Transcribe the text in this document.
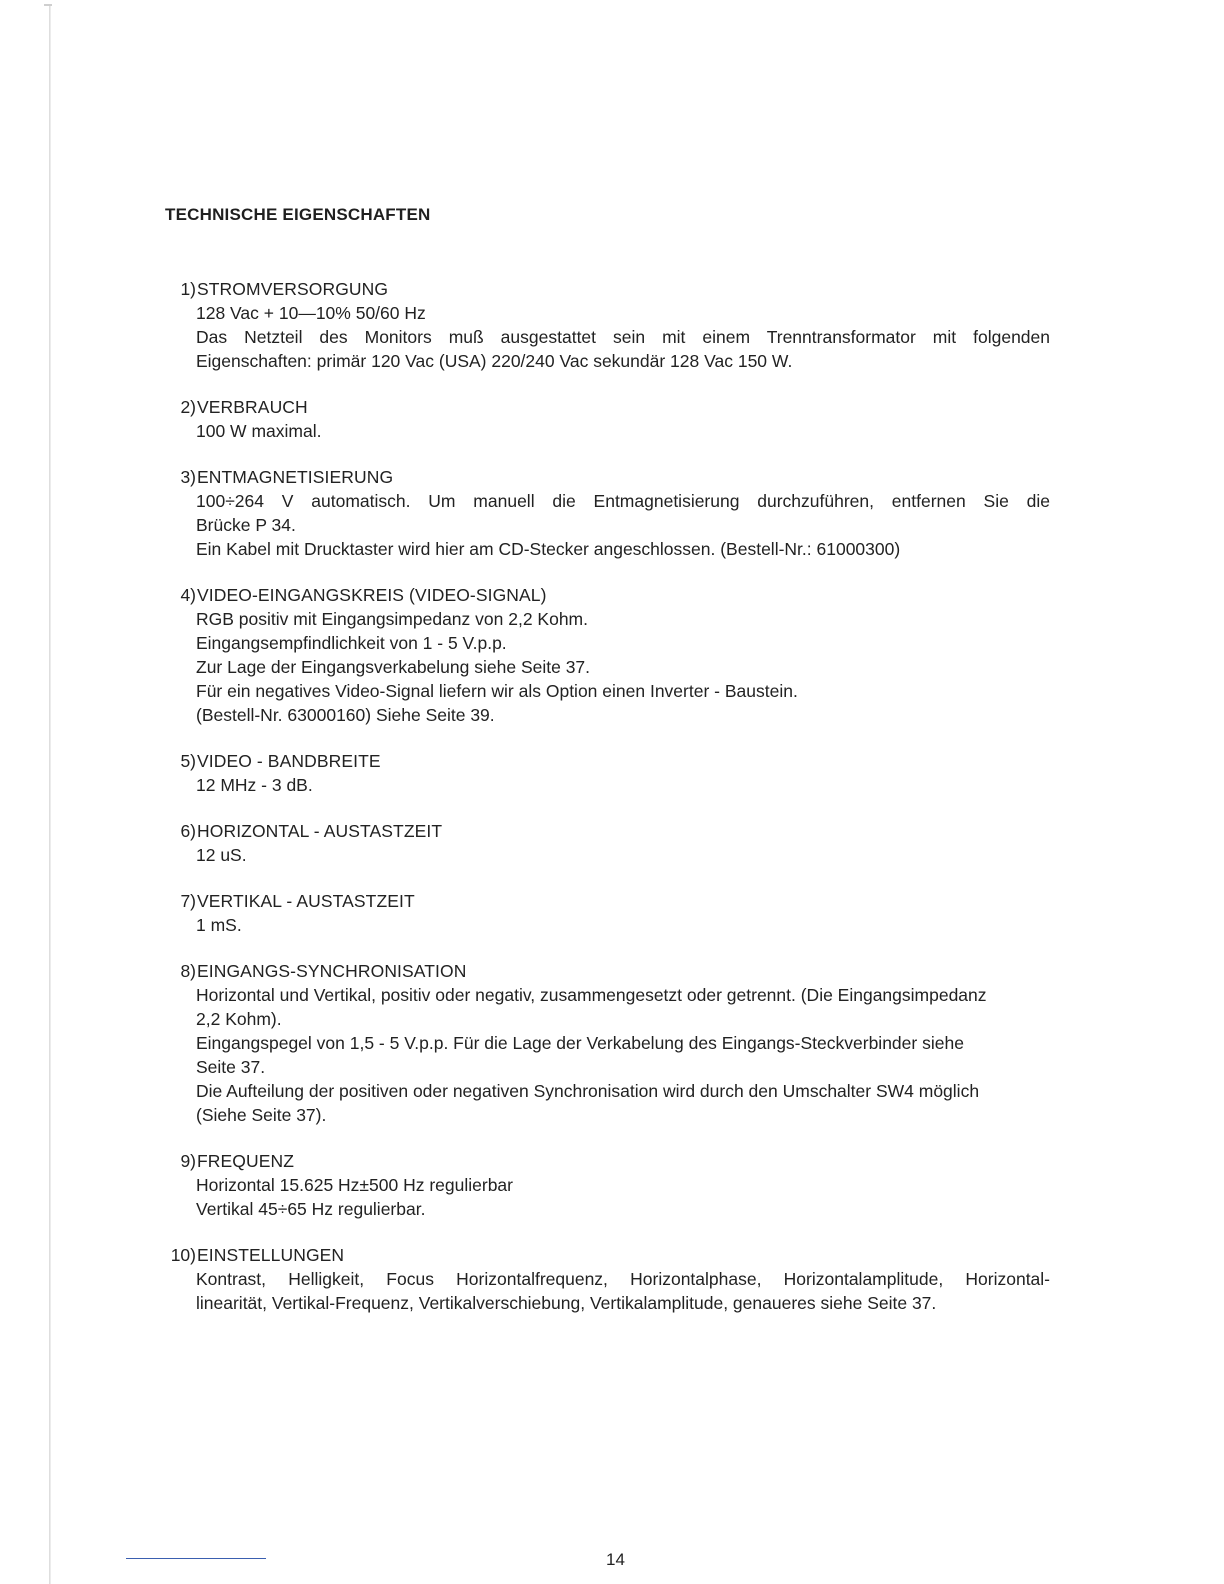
TECHNISCHE EIGENSCHAFTEN
1) STROMVERSORGUNG
128 Vac + 10—10% 50/60 Hz
Das Netzteil des Monitors muß ausgestattet sein mit einem Trenntransformator mit folgenden
Eigenschaften: primär 120 Vac (USA) 220/240 Vac sekundär 128 Vac 150 W.
2) VERBRAUCH
100 W maximal.
3) ENTMAGNETISIERUNG
100÷264 V automatisch. Um manuell die Entmagnetisierung durchzuführen, entfernen Sie die
Brücke P 34.
Ein Kabel mit Drucktaster wird hier am CD-Stecker angeschlossen. (Bestell-Nr.: 61000300)
4) VIDEO-EINGANGSKREIS (VIDEO-SIGNAL)
RGB positiv mit Eingangsimpedanz von 2,2 Kohm.
Eingangsempfindlichkeit von 1 - 5 V.p.p.
Zur Lage der Eingangsverkabelung siehe Seite 37.
Für ein negatives Video-Signal liefern wir als Option einen Inverter - Baustein.
(Bestell-Nr. 63000160) Siehe Seite 39.
5) VIDEO - BANDBREITE
12 MHz - 3 dB.
6) HORIZONTAL - AUSTASTZEIT
12 uS.
7) VERTIKAL - AUSTASTZEIT
1 mS.
8) EINGANGS-SYNCHRONISATION
Horizontal und Vertikal, positiv oder negativ, zusammengesetzt oder getrennt. (Die Eingangsimpedanz
2,2 Kohm).
Eingangspegel von 1,5 - 5 V.p.p. Für die Lage der Verkabelung des Eingangs-Steckverbinder siehe
Seite 37.
Die Aufteilung der positiven oder negativen Synchronisation wird durch den Umschalter SW4 möglich
(Siehe Seite 37).
9) FREQUENZ
Horizontal 15.625 Hz±500 Hz regulierbar
Vertikal 45÷65 Hz regulierbar.
10) EINSTELLUNGEN
Kontrast, Helligkeit, Focus Horizontalfrequenz, Horizontalphase, Horizontalamplitude, Horizontal-
linearität, Vertikal-Frequenz, Vertikalverschiebung, Vertikalamplitude, genaueres siehe Seite 37.
14
